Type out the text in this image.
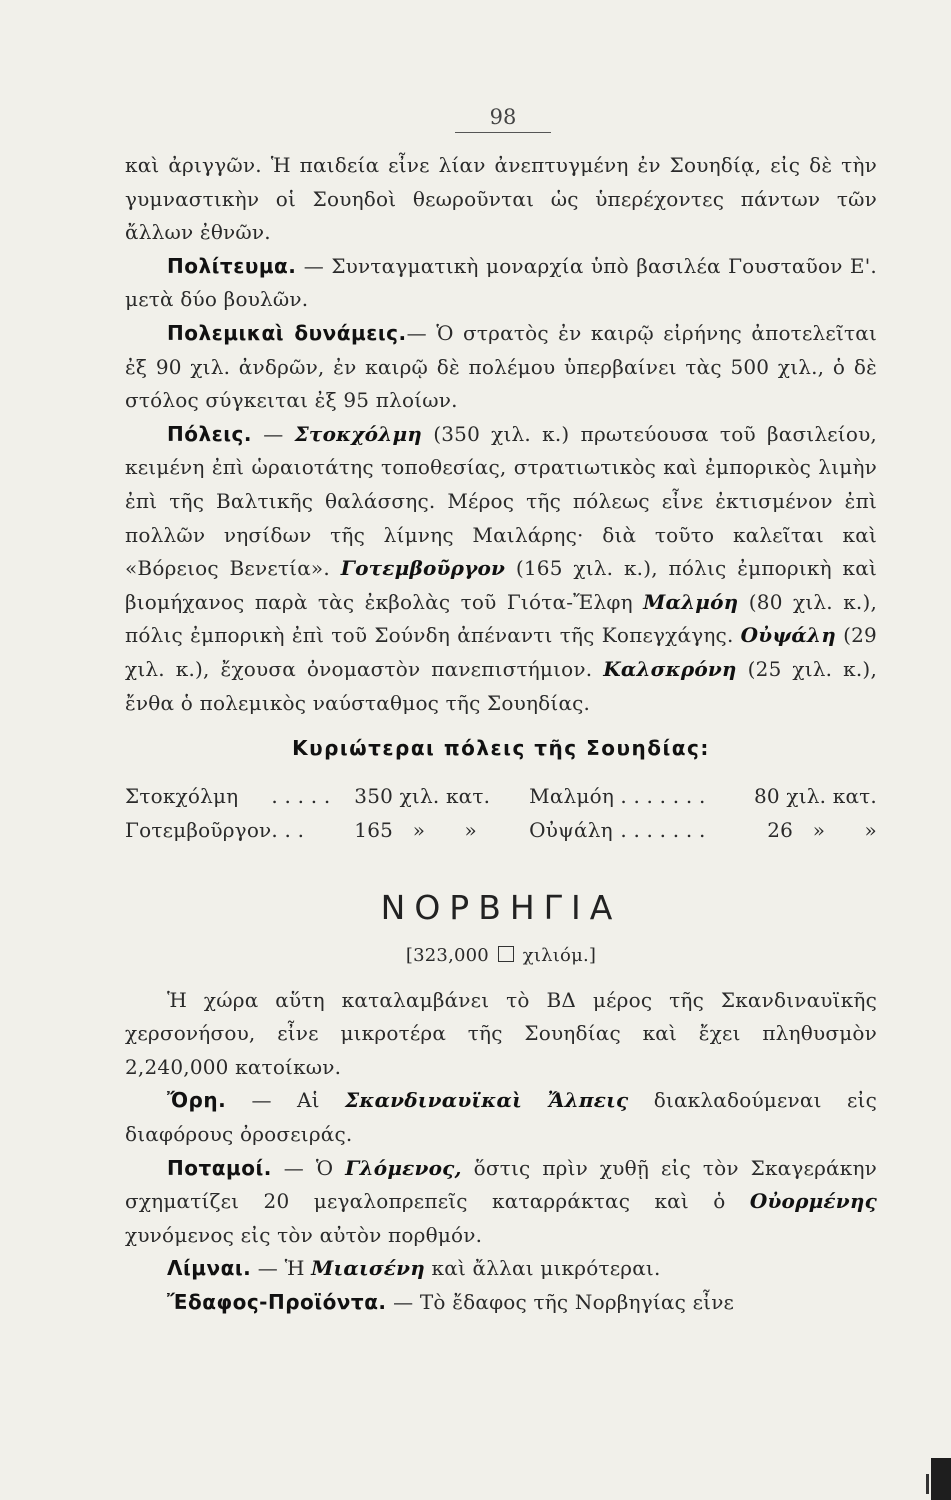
98

καὶ ἀριγγῶν. Ἡ παιδεία εἶνε λίαν ἀνεπτυγμένη ἐν Σουηδίᾳ, εἰς δὲ τὴν γυμναστικὴν οἱ Σουηδοὶ θεωροῦνται ὡς ὑπερέχοντες πάντων τῶν ἄλλων ἐθνῶν.

Πολίτευμα. — Συνταγματικὴ μοναρχία ὑπὸ βασιλέα Γουσταῦον Ε'. μετὰ δύο βουλῶν.

Πολεμικαὶ δυνάμεις.— Ὁ στρατὸς ἐν καιρῷ εἰρήνης ἀποτελεῖται ἐξ 90 χιλ. ἀνδρῶν, ἐν καιρῷ δὲ πολέμου ὑπερβαίνει τὰς 500 χιλ., ὁ δὲ στόλος σύγκειται ἐξ 95 πλοίων.

Πόλεις. — Στοκχόλμη (350 χιλ. κ.) πρωτεύουσα τοῦ βασιλείου, κειμένη ἐπὶ ὡραιοτάτης τοποθεσίας, στρατιωτικὸς καὶ ἐμπορικὸς λιμὴν ἐπὶ τῆς Βαλτικῆς θαλάσσης. Μέρος τῆς πόλεως εἶνε ἐκτισμένον ἐπὶ πολλῶν νησίδων τῆς λίμνης Μαιλάρης· διὰ τοῦτο καλεῖται καὶ «Βόρειος Βενετία». Γοτεμβοῦργον (165 χιλ. κ.), πόλις ἐμπορικὴ καὶ βιομήχανος παρὰ τὰς ἐκβολὰς τοῦ Γιότα-Ἔλφη Μαλμόη (80 χιλ. κ.), πόλις ἐμπορικὴ ἐπὶ τοῦ Σούνδη ἀπέναντι τῆς Κοπεγχάγης. Οὐψάλη (29 χιλ. κ.), ἔχουσα ὀνομαστὸν πανεπιστήμιον. Καλσκρόνη (25 χιλ. κ.), ἔνθα ὁ πολεμικὸς ναύσταθμος τῆς Σουηδίας.

Κυριώτεραι πόλεις τῆς Σουηδίας:
Στοκχόλμη	. . . . .	350 χιλ. κατ.	Μαλμόη	. . . . . . .	80 χιλ. κατ.
Γοτεμβοῦργον	. . .	165   »      »	Οὐψάλη	. . . . . . .	26   »      »
ΝΟΡΒΗΓΙΑ
[323,000 χιλιόμ.]

Ἡ χώρα αὕτη καταλαμβάνει τὸ ΒΔ μέρος τῆς Σκανδιναυϊκῆς χερσονήσου, εἶνε μικροτέρα τῆς Σουηδίας καὶ ἔχει πληθυσμὸν 2,240,000 κατοίκων.

Ὄρη. — Αἱ Σκανδιναυϊκαὶ Ἄλπεις διακλαδούμεναι εἰς διαφόρους ὀροσειράς.

Ποταμοί. — Ὁ Γλόμενος, ὅστις πρὶν χυθῇ εἰς τὸν Σκαγεράκην σχηματίζει 20 μεγαλοπρεπεῖς καταρράκτας καὶ ὁ Οὐορμένης χυνόμενος εἰς τὸν αὐτὸν πορθμόν.

Λίμναι. — Ἡ Μιαισένη καὶ ἄλλαι μικρότεραι.

Ἔδαφος-Προϊόντα. — Τὸ ἔδαφος τῆς Νορβηγίας εἶνε
